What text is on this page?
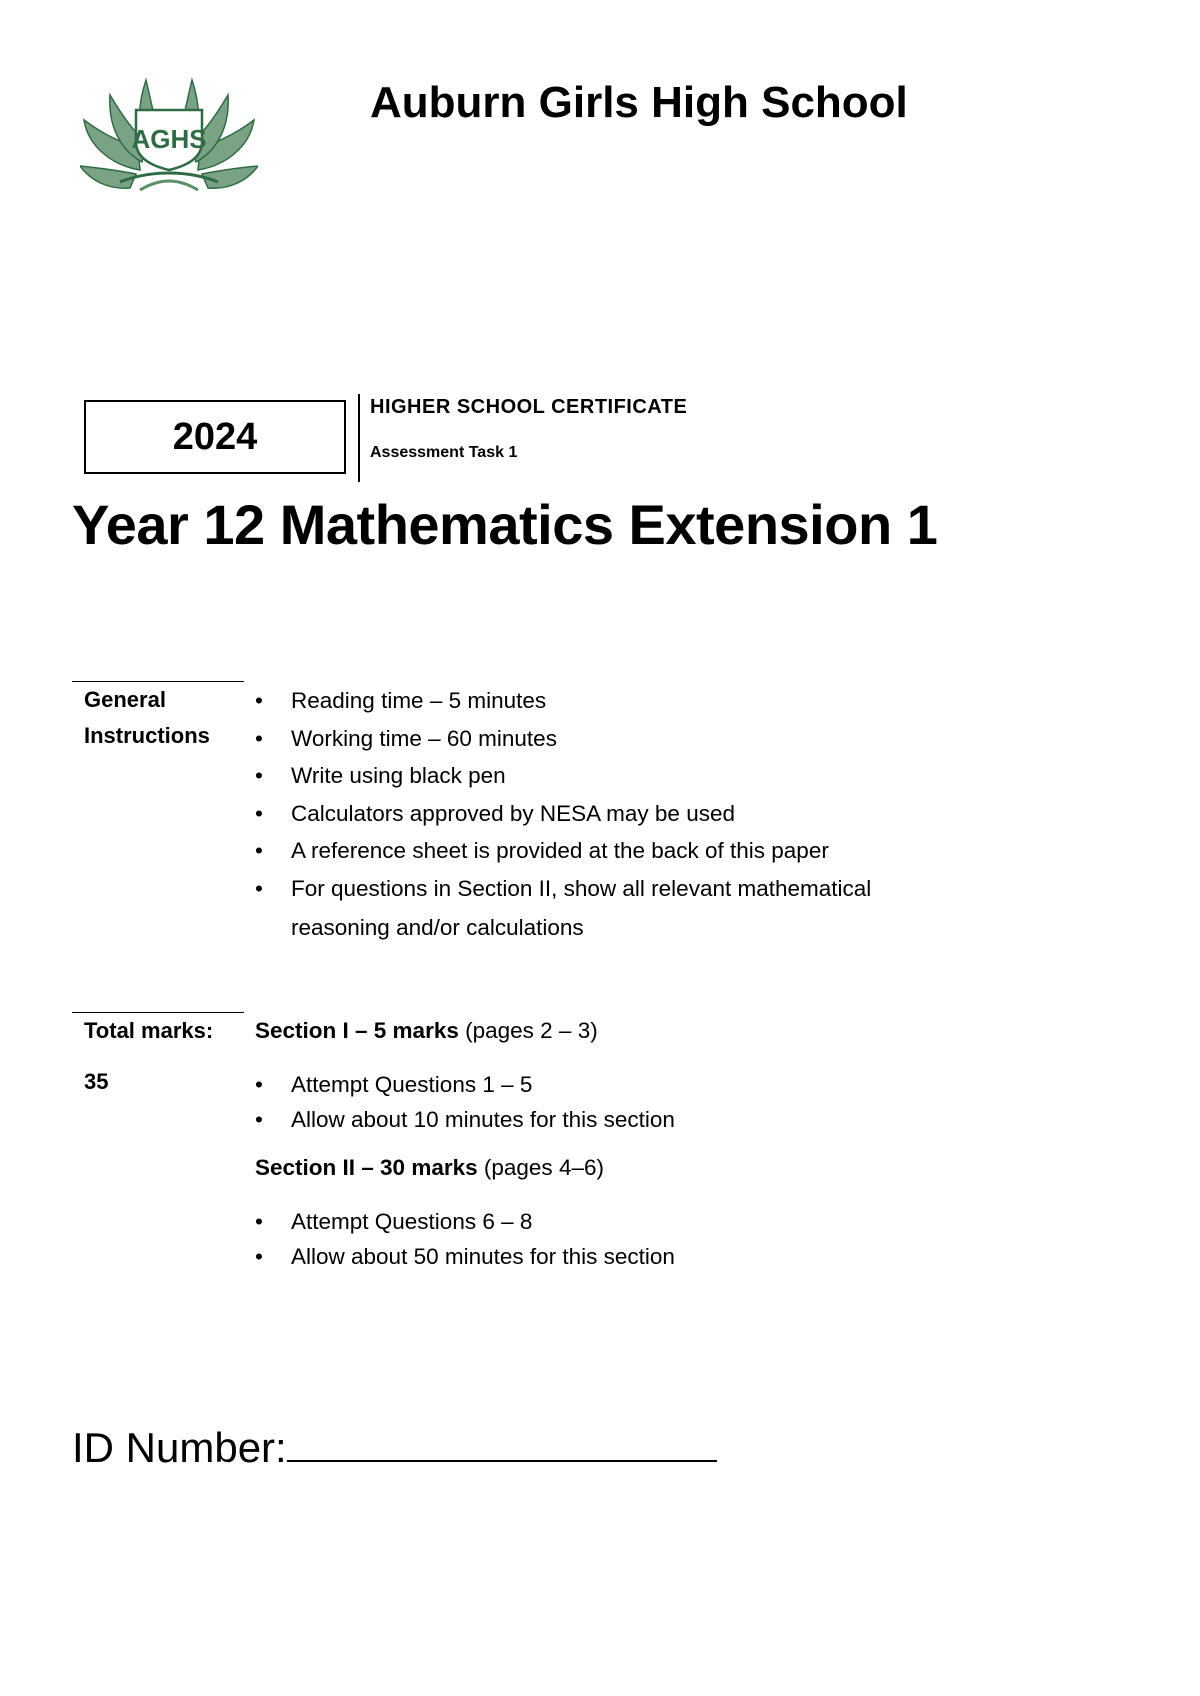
AGHS
Auburn Girls High School
2024
HIGHER SCHOOL CERTIFICATE
Assessment Task 1
Year 12 Mathematics Extension 1
General
Instructions
• Reading time – 5 minutes
• Working time – 60 minutes
• Write using black pen
• Calculators approved by NESA may be used
• A reference sheet is provided at the back of this paper
• For questions in Section II, show all relevant mathematical
reasoning and/or calculations
Total marks:
35
Section I – 5 marks (pages 2 – 3)
• Attempt Questions 1 – 5
• Allow about 10 minutes for this section
Section II – 30 marks (pages 4–6)
• Attempt Questions 6 – 8
• Allow about 50 minutes for this section
ID Number:
